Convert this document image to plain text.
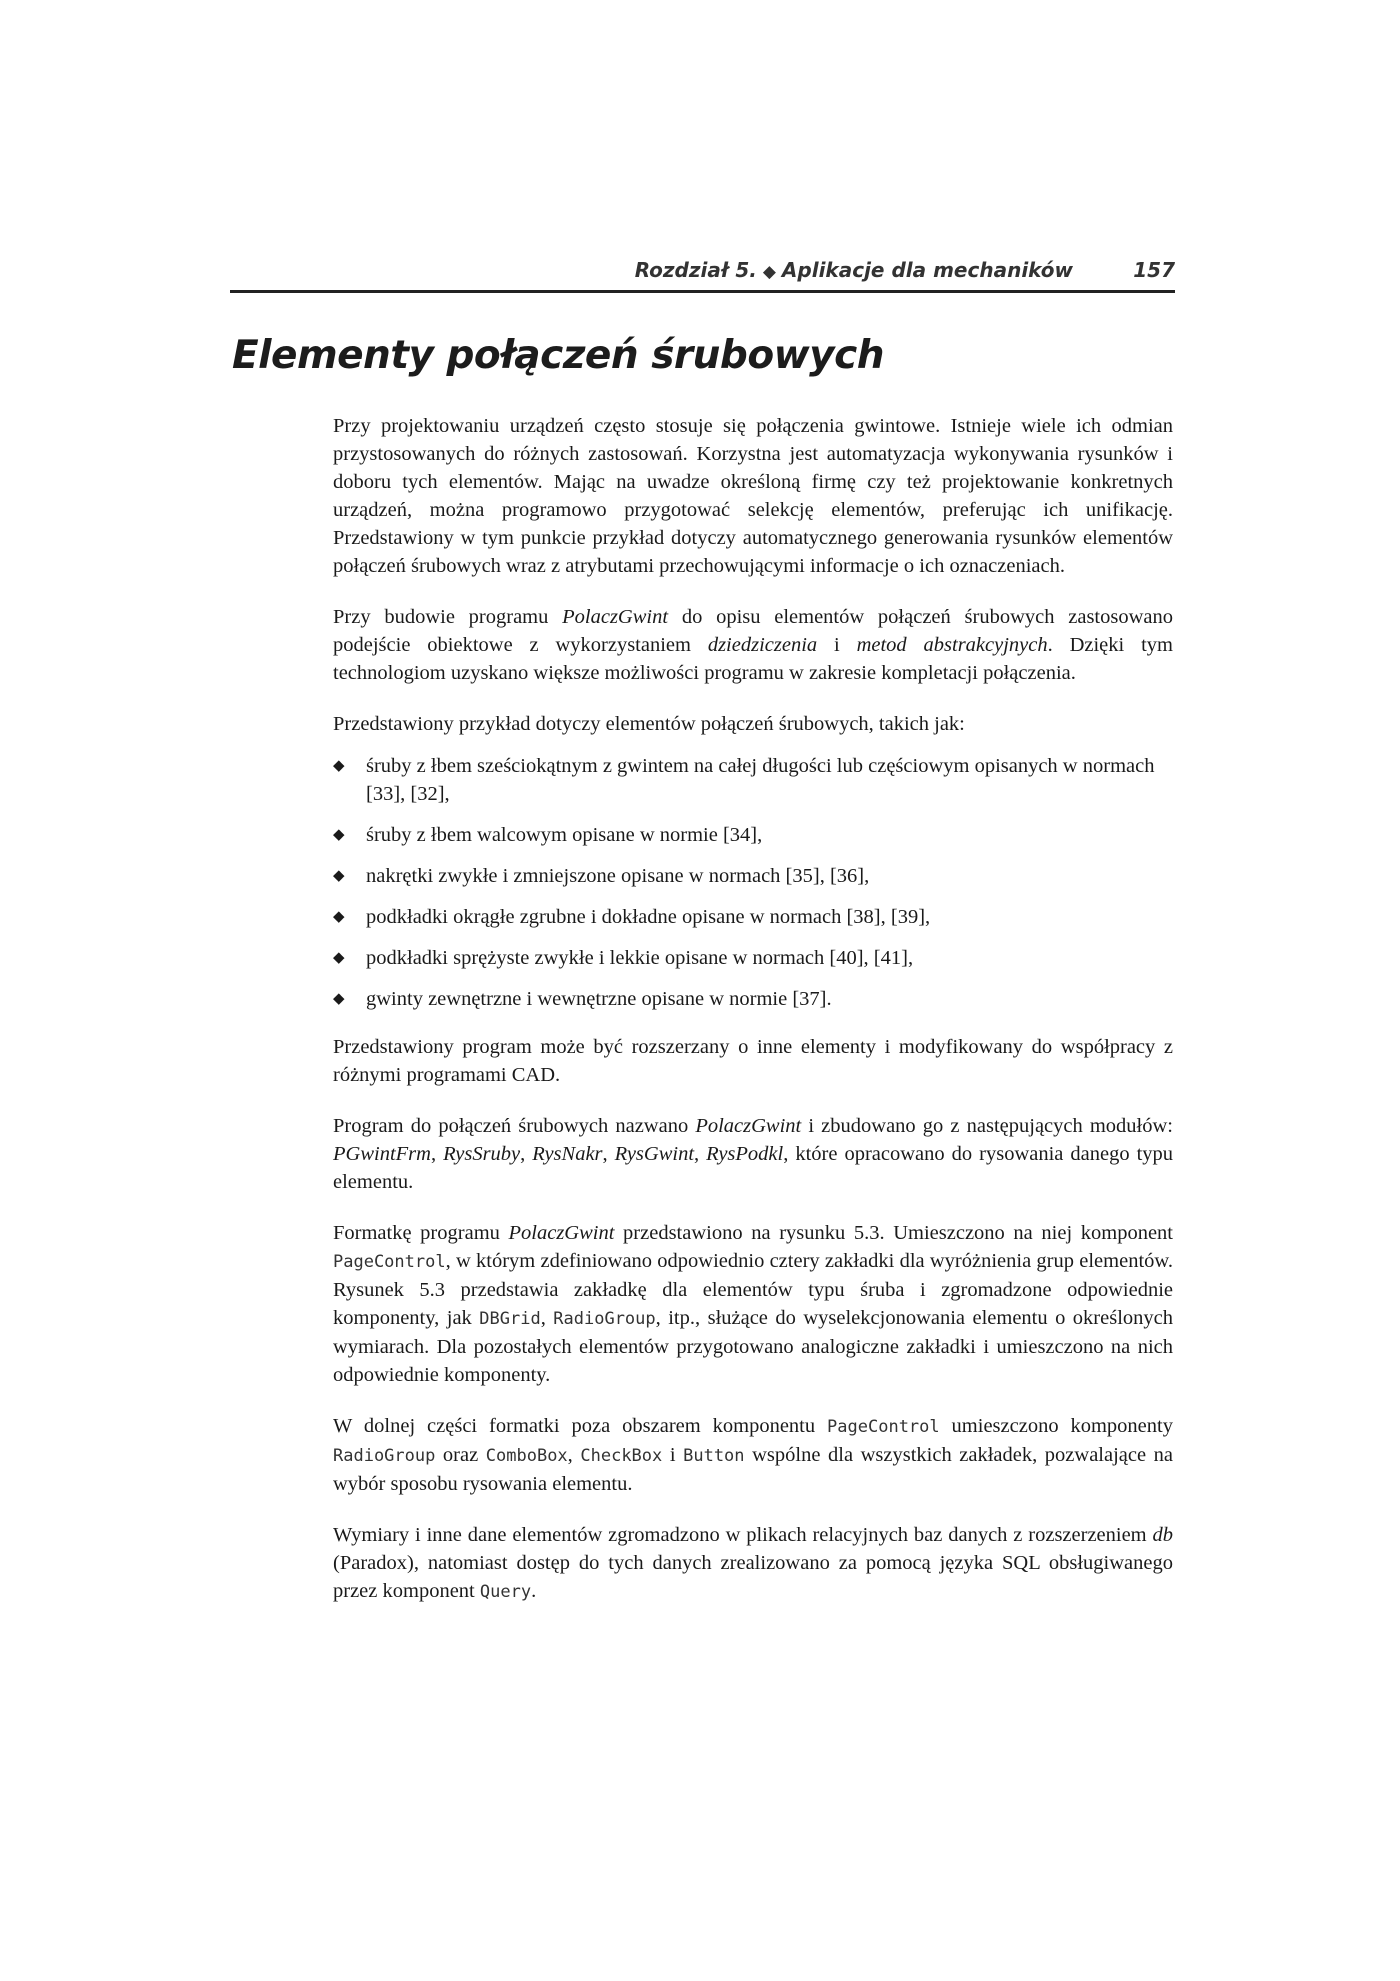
Rozdział 5. ◆ Aplikacje dla mechaników	157
Elementy połączeń śrubowych

Przy projektowaniu urządzeń często stosuje się połączenia gwintowe. Istnieje wiele ich odmian przystosowanych do różnych zastosowań. Korzystna jest automatyzacja wykonywania rysunków i doboru tych elementów. Mając na uwadze określoną firmę czy też projektowanie konkretnych urządzeń, można programowo przygotować selekcję elementów, preferując ich unifikację. Przedstawiony w tym punkcie przykład dotyczy automatycznego generowania rysunków elementów połączeń śrubowych wraz z atrybutami przechowującymi informacje o ich oznaczeniach.

Przy budowie programu PolaczGwint do opisu elementów połączeń śrubowych zastosowano podejście obiektowe z wykorzystaniem dziedziczenia i metod abstrakcyjnych. Dzięki tym technologiom uzyskano większe możliwości programu w zakresie kompletacji połączenia.

Przedstawiony przykład dotyczy elementów połączeń śrubowych, takich jak:

◆ śruby z łbem sześciokątnym z gwintem na całej długości lub częściowym opisanych w normach [33], [32],
◆ śruby z łbem walcowym opisane w normie [34],
◆ nakrętki zwykłe i zmniejszone opisane w normach [35], [36],
◆ podkładki okrągłe zgrubne i dokładne opisane w normach [38], [39],
◆ podkładki sprężyste zwykłe i lekkie opisane w normach [40], [41],
◆ gwinty zewnętrzne i wewnętrzne opisane w normie [37].

Przedstawiony program może być rozszerzany o inne elementy i modyfikowany do współpracy z różnymi programami CAD.

Program do połączeń śrubowych nazwano PolaczGwint i zbudowano go z następujących modułów: PGwintFrm, RysSruby, RysNakr, RysGwint, RysPodkl, które opracowano do rysowania danego typu elementu.

Formatkę programu PolaczGwint przedstawiono na rysunku 5.3. Umieszczono na niej komponent PageControl, w którym zdefiniowano odpowiednio cztery zakładki dla wyróżnienia grup elementów. Rysunek 5.3 przedstawia zakładkę dla elementów typu śruba i zgromadzone odpowiednie komponenty, jak DBGrid, RadioGroup, itp., służące do wyselekcjonowania elementu o określonych wymiarach. Dla pozostałych elementów przygotowano analogiczne zakładki i umieszczono na nich odpowiednie komponenty.

W dolnej części formatki poza obszarem komponentu PageControl umieszczono komponenty RadioGroup oraz ComboBox, CheckBox i Button wspólne dla wszystkich zakładek, pozwalające na wybór sposobu rysowania elementu.

Wymiary i inne dane elementów zgromadzono w plikach relacyjnych baz danych z rozszerzeniem db (Paradox), natomiast dostęp do tych danych zrealizowano za pomocą języka SQL obsługiwanego przez komponent Query.
